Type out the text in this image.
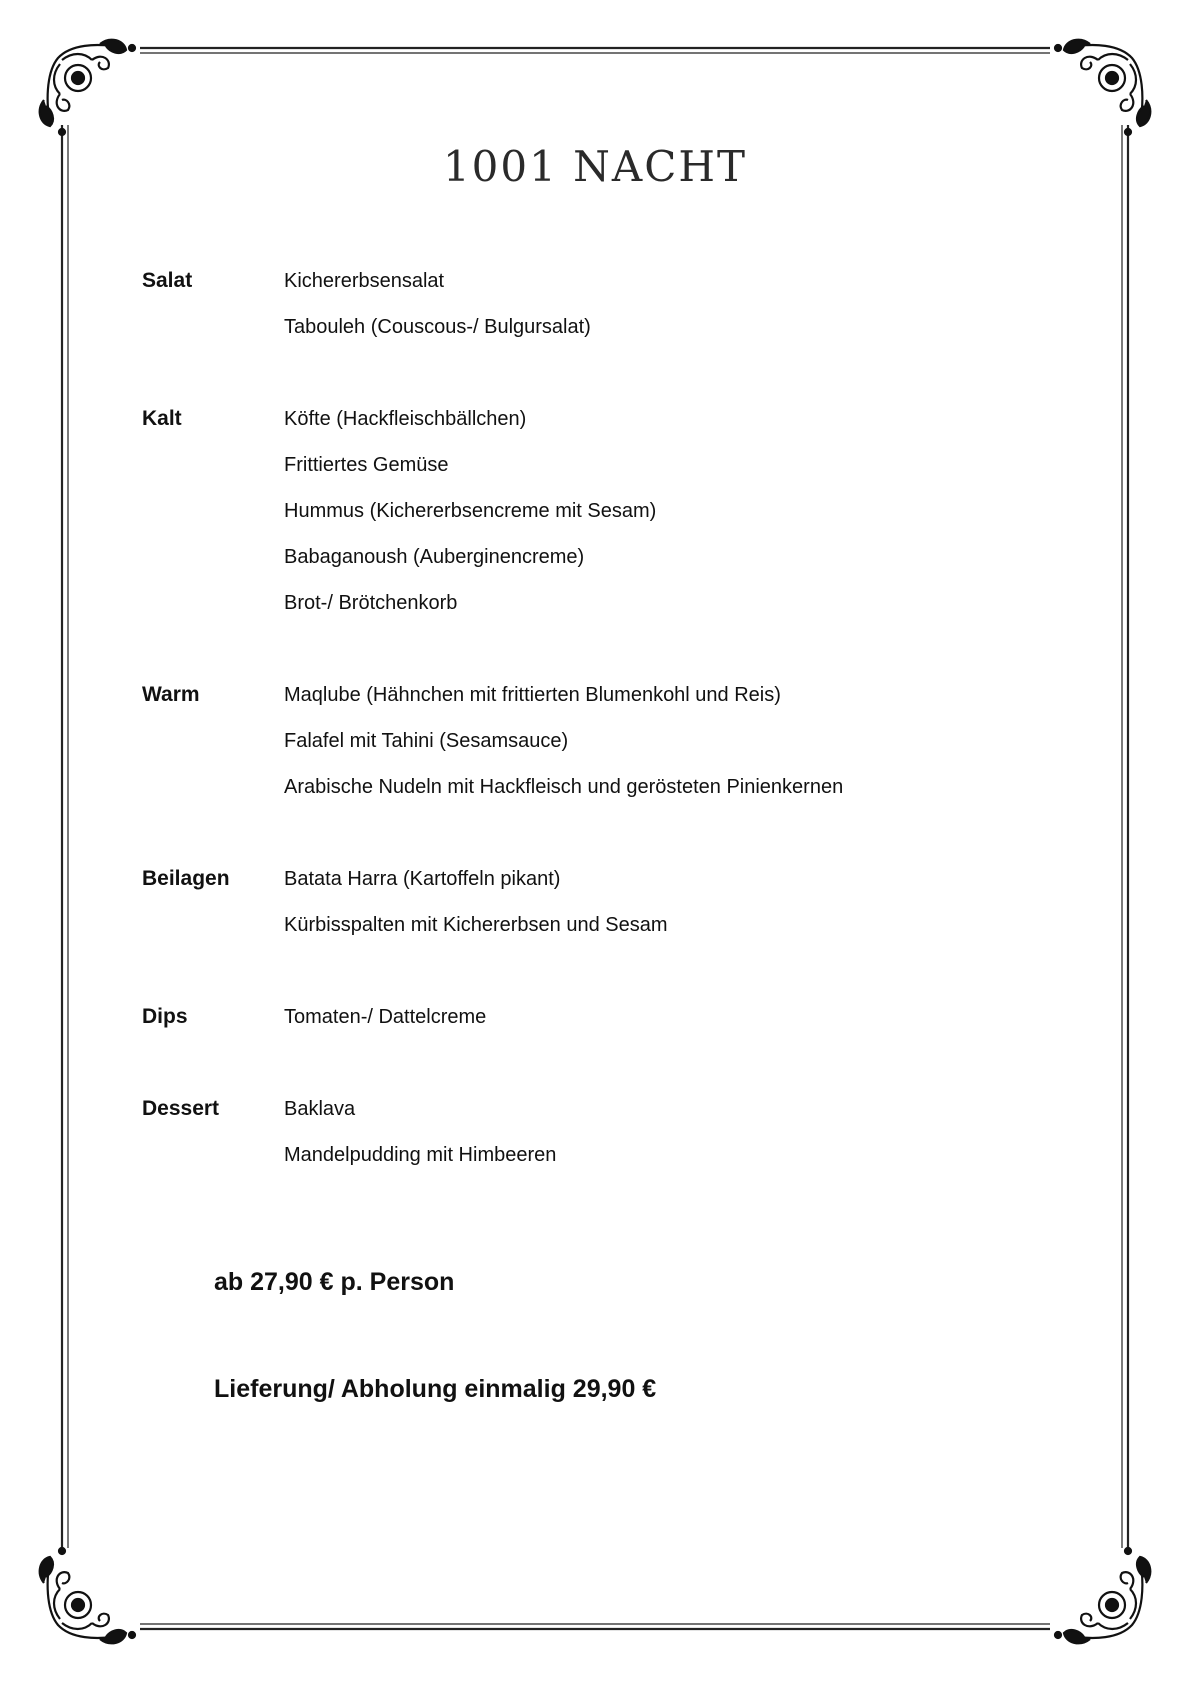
1001 NACHT
Salat	Kichererbsensalat
Tabouleh (Couscous-/ Bulgursalat)
Kalt	Köfte (Hackfleischbällchen)
Frittiertes Gemüse
Hummus (Kichererbsencreme mit Sesam)
Babaganoush (Auberginencreme)
Brot-/ Brötchenkorb
Warm	Maqlube (Hähnchen mit frittierten Blumenkohl und Reis)
Falafel mit Tahini (Sesamsauce)
Arabische Nudeln mit Hackfleisch und gerösteten Pinienkernen
Beilagen	Batata Harra (Kartoffeln pikant)
Kürbisspalten mit Kichererbsen und Sesam
Dips	Tomaten-/ Dattelcreme
Dessert	Baklava
Mandelpudding mit Himbeeren
ab 27,90 € p. Person
Lieferung/ Abholung einmalig 29,90 €
